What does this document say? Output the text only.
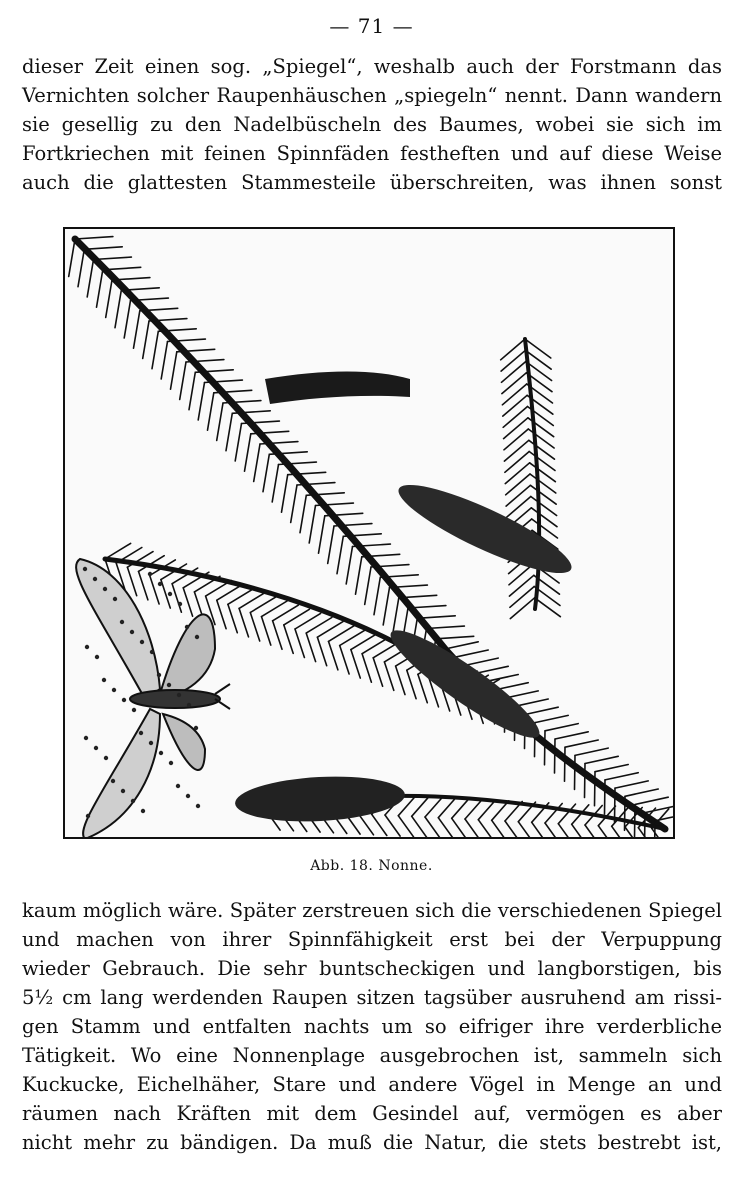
— 71 —
dieser Zeit einen sog. „Spiegel“, weshalb auch der Forstmann das
Vernichten solcher Raupenhäuschen „spiegeln“ nennt. Dann wandern
sie gesellig zu den Nadelbüscheln des Baumes, wobei sie sich im
Fortkriechen mit feinen Spinnfäden festheften und auf diese Weise
auch die glattesten Stammesteile überschreiten, was ihnen sonst
Abb. 18. Nonne.
kaum möglich wäre. Später zerstreuen sich die verschiedenen Spiegel
und machen von ihrer Spinnfähigkeit erst bei der Verpuppung
wieder Gebrauch. Die sehr buntscheckigen und langborstigen, bis
5½ cm lang werdenden Raupen sitzen tagsüber ausruhend am rissi-
gen Stamm und entfalten nachts um so eifriger ihre verderbliche
Tätigkeit. Wo eine Nonnenplage ausgebrochen ist, sammeln sich
Kuckucke, Eichelhäher, Stare und andere Vögel in Menge an und
räumen nach Kräften mit dem Gesindel auf, vermögen es aber
nicht mehr zu bändigen. Da muß die Natur, die stets bestrebt ist,
